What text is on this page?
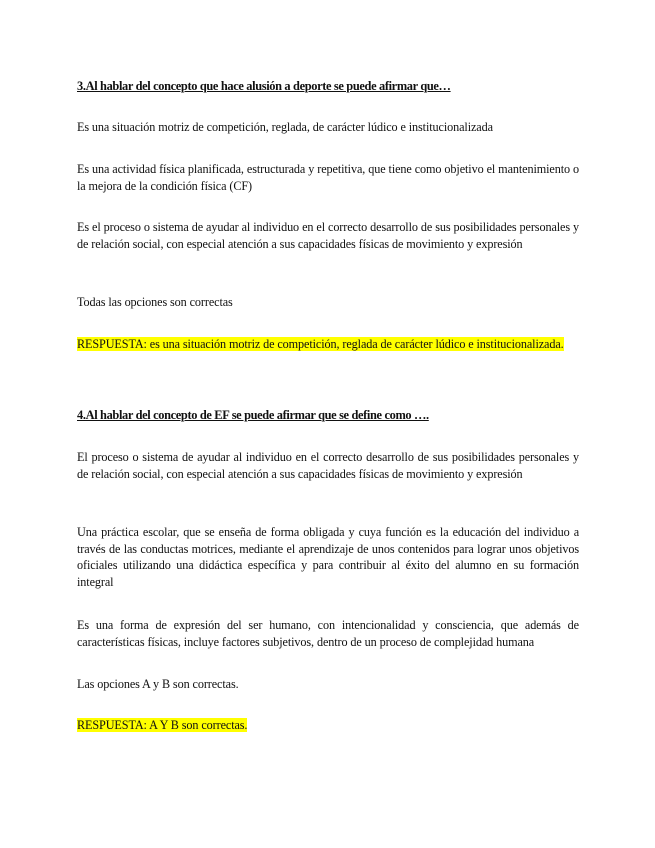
3.Al hablar del concepto que hace alusión a deporte se puede afirmar que…
Es una situación motriz de competición, reglada, de carácter lúdico e institucionalizada
Es una actividad física planificada, estructurada y repetitiva, que tiene como objetivo el mantenimiento o la mejora de la condición física (CF)
Es el proceso o sistema de ayudar al individuo en el correcto desarrollo de sus posibilidades personales y de relación social, con especial atención a sus capacidades físicas de movimiento y expresión
Todas las opciones son correctas
RESPUESTA: es una situación motriz de competición, reglada de carácter lúdico e institucionalizada.
4.Al hablar del concepto de EF se puede afirmar que se define como ….
El proceso o sistema de ayudar al individuo en el correcto desarrollo de sus posibilidades personales y de relación social, con especial atención a sus capacidades físicas de movimiento y expresión
Una práctica escolar, que se enseña de forma obligada y cuya función es la educación del individuo a través de las conductas motrices, mediante el aprendizaje de unos contenidos para lograr unos objetivos oficiales utilizando una didáctica específica y para contribuir al éxito del alumno en su formación integral
Es una forma de expresión del ser humano, con intencionalidad y consciencia, que además de características físicas, incluye factores subjetivos, dentro de un proceso de complejidad humana
Las opciones A y B son correctas.
RESPUESTA: A Y B son correctas.
